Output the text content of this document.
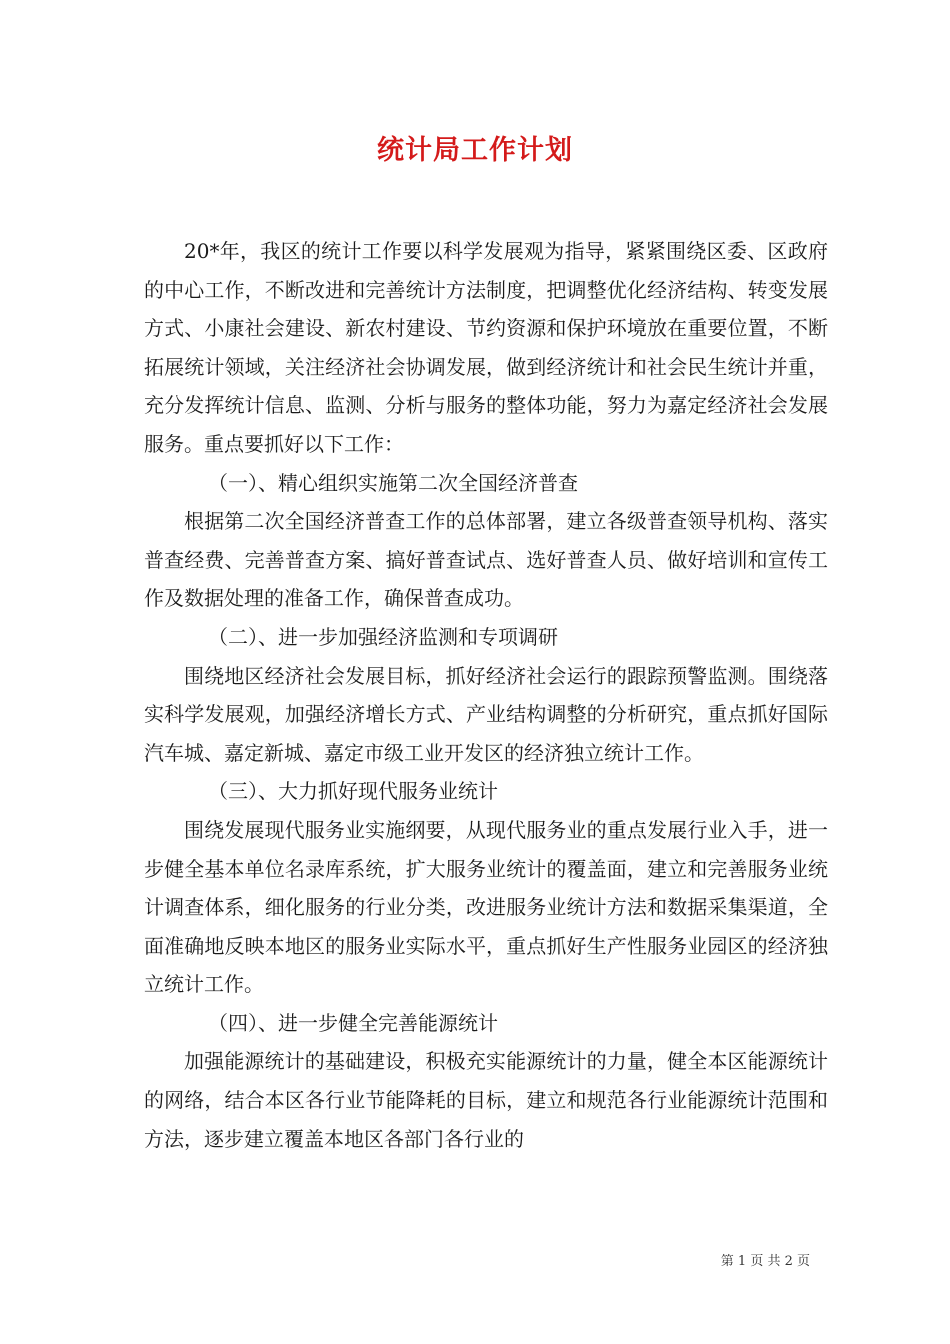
统计局工作计划

20*年，我区的统计工作要以科学发展观为指导，紧紧围绕区委、区政府的中心工作，不断改进和完善统计方法制度，把调整优化经济结构、转变发展方式、小康社会建设、新农村建设、节约资源和保护环境放在重要位置，不断拓展统计领域，关注经济社会协调发展，做到经济统计和社会民生统计并重，充分发挥统计信息、监测、分析与服务的整体功能，努力为嘉定经济社会发展服务。重点要抓好以下工作：

（一）、精心组织实施第二次全国经济普查

根据第二次全国经济普查工作的总体部署，建立各级普查领导机构、落实普查经费、完善普查方案、搞好普查试点、选好普查人员、做好培训和宣传工作及数据处理的准备工作，确保普查成功。

（二）、进一步加强经济监测和专项调研

围绕地区经济社会发展目标，抓好经济社会运行的跟踪预警监测。围绕落实科学发展观，加强经济增长方式、产业结构调整的分析研究，重点抓好国际汽车城、嘉定新城、嘉定市级工业开发区的经济独立统计工作。

（三）、大力抓好现代服务业统计

围绕发展现代服务业实施纲要，从现代服务业的重点发展行业入手，进一步健全基本单位名录库系统，扩大服务业统计的覆盖面，建立和完善服务业统计调查体系，细化服务的行业分类，改进服务业统计方法和数据采集渠道，全面准确地反映本地区的服务业实际水平，重点抓好生产性服务业园区的经济独立统计工作。

（四）、进一步健全完善能源统计

加强能源统计的基础建设，积极充实能源统计的力量，健全本区能源统计的网络，结合本区各行业节能降耗的目标，建立和规范各行业能源统计范围和方法，逐步建立覆盖本地区各部门各行业的

第 1 页 共 2 页
